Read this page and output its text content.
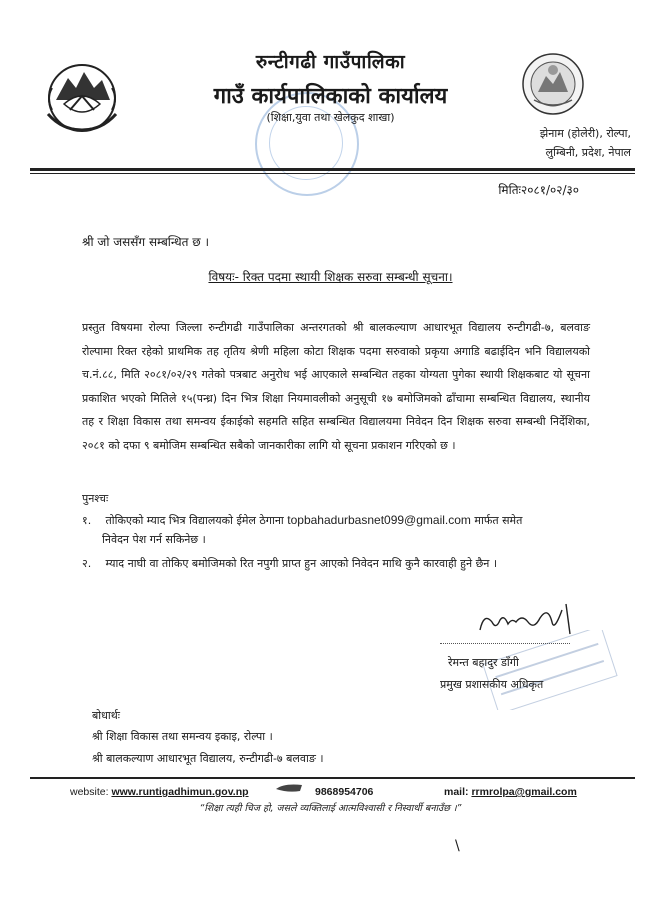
रुन्टीगढी गाउँपालिका
गाउँ कार्यपालिकाको कार्यालय
(शिक्षा,युवा तथा खेलकुद शाखा)
झेनाम (होलेरी), रोल्पा,
लुम्बिनी, प्रदेश, नेपाल
मितिः२०८१/०२/३०
श्री जो जससँग सम्बन्धित छ ।
विषयः- रिक्त पदमा स्थायी शिक्षक सरुवा सम्बन्धी सूचना।
प्रस्तुत विषयमा रोल्पा जिल्ला रुन्टीगढी गाउँपालिका अन्तरगतको श्री बालकल्याण आधारभूत विद्यालय रुन्टीगढी-७, बलवाङ रोल्पामा रिक्त रहेको प्राथमिक तह तृतिय श्रेणी महिला कोटा शिक्षक पदमा सरुवाको प्रकृया अगाडि बढाईदिन भनि विद्यालयको च.नं.८८, मिति २०८१/०२/२९ गतेको पत्रबाट अनुरोध भई आएकाले सम्बन्धित तहका योग्यता पुगेका स्थायी शिक्षकबाट यो सूचना प्रकाशित भएको मितिले १५(पन्ध्र) दिन भित्र शिक्षा नियमावलीको अनुसूची १७ बमोजिमको ढाँचामा सम्बन्धित विद्यालय, स्थानीय तह र शिक्षा विकास तथा समन्वय ईकाईको सहमति सहित सम्बन्धित विद्यालयमा निवेदन दिन शिक्षक सरुवा सम्बन्धी निर्देशिका, २०८१ को दफा ९ बमोजिम सम्बन्धित सबैको जानकारीका लागि यो सूचना प्रकाशन गरिएको छ ।
पुनश्चः
१. तोकिएको म्याद भित्र विद्यालयको ईमेल ठेगाना topbahadurbasnet099@gmail.com मार्फत समेत
निवेदन पेश गर्न सकिनेछ ।
२. म्याद नाघी वा तोकिए बमोजिमको रित नपुगी प्राप्त हुन आएको निवेदन माथि कुनै कारवाही हुने छैन ।
रेमन्त बहादुर डाँगी
प्रमुख प्रशासकीय अधिकृत
बोधार्थः
श्री शिक्षा विकास तथा समन्वय इकाइ, रोल्पा ।
श्री बालकल्याण आधारभूत विद्यालय, रुन्टीगढी-७ बलवाङ ।
website: www.runtigadhimun.gov.np	9868954706	mail: rrmrolpa@gmail.com
“शिक्षा त्यही चिज हो, जसले व्यक्तिलाई आत्मविश्वासी र निस्वार्थी बनाउँछ ।”
\
